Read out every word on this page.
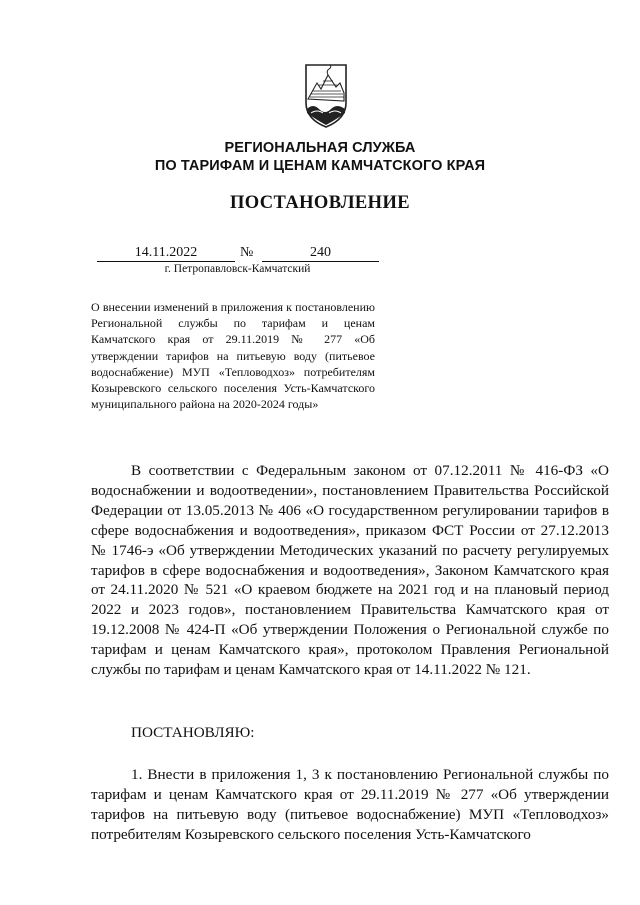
РЕГИОНАЛЬНАЯ СЛУЖБА
ПО ТАРИФАМ И ЦЕНАМ КАМЧАТСКОГО КРАЯ
ПОСТАНОВЛЕНИЕ
14.11.2022	№	240
г. Петропавловск-Камчатский
О внесении изменений в приложения к постановлению Региональной службы по тарифам и ценам Камчатского края от 29.11.2019 № 277 «Об утверждении тарифов на питьевую воду (питьевое водоснабжение) МУП «Тепловодхоз» потребителям Козыревского сельского поселения Усть-Камчатского муниципального района на 2020-2024 годы»
В соответствии с Федеральным законом от 07.12.2011 № 416-ФЗ «О водоснабжении и водоотведении», постановлением Правительства Российской Федерации от 13.05.2013 № 406 «О государственном регулировании тарифов в сфере водоснабжения и водоотведения», приказом ФСТ России от 27.12.2013 № 1746-э «Об утверждении Методических указаний по расчету регулируемых тарифов в сфере водоснабжения и водоотведения», Законом Камчатского края от 24.11.2020 № 521 «О краевом бюджете на 2021 год и на плановый период 2022 и 2023 годов», постановлением Правительства Камчатского края от 19.12.2008 № 424-П «Об утверждении Положения о Региональной службе по тарифам и ценам Камчатского края», протоколом Правления Региональной службы по тарифам и ценам Камчатского края от 14.11.2022 № 121.
ПОСТАНОВЛЯЮ:
1. Внести в приложения 1, 3 к постановлению Региональной службы по тарифам и ценам Камчатского края от 29.11.2019 № 277 «Об утверждении тарифов на питьевую воду (питьевое водоснабжение) МУП «Тепловодхоз» потребителям Козыревского сельского поселения Усть-Камчатского
